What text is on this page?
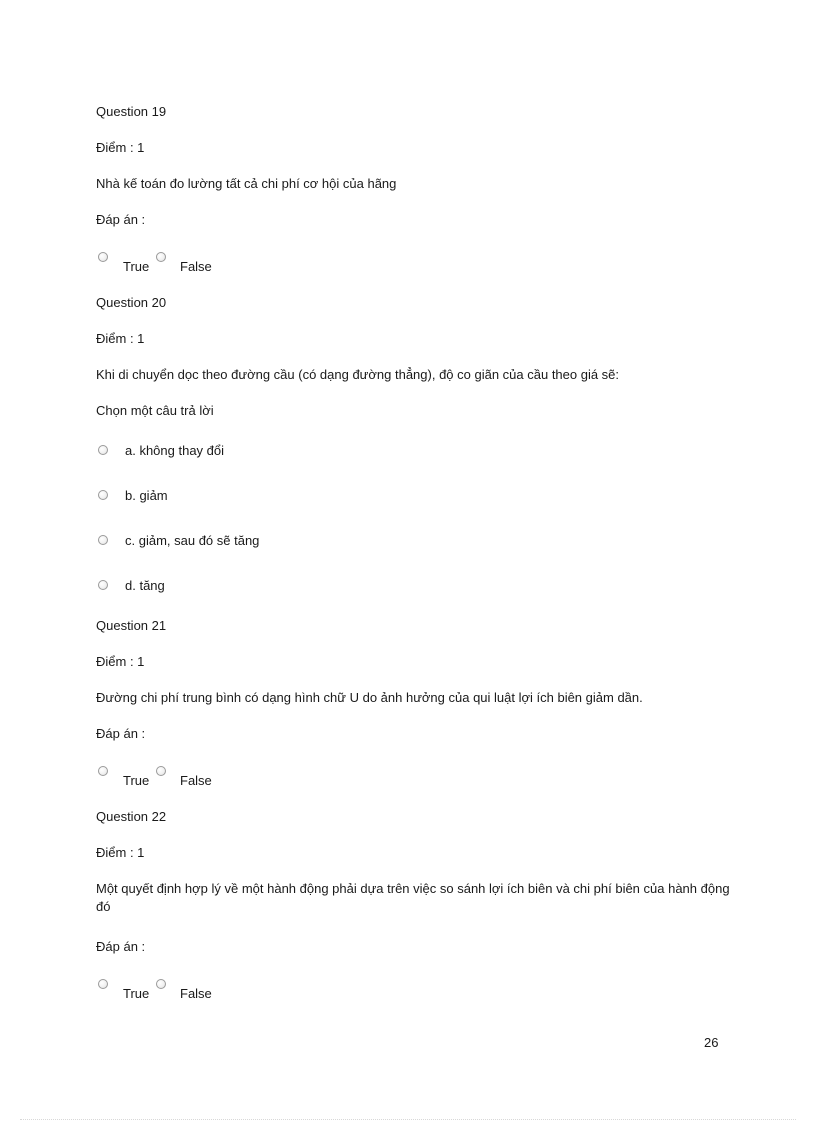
Question 19
Điểm : 1
Nhà kế toán đo lường tất cả chi phí cơ hội của hãng
Đáp án :
True False
Question 20
Điểm : 1
Khi di chuyển dọc theo đường cầu (có dạng đường thẳng), độ co giãn của cầu theo giá sẽ:
Chọn một câu trả lời
a. không thay đổi
b. giảm
c. giảm, sau đó sẽ tăng
d. tăng
Question 21
Điểm : 1
Đường chi phí trung bình có dạng hình chữ U do ảnh hưởng của qui luật lợi ích biên giảm dần.
Đáp án :
True False
Question 22
Điểm : 1
Một quyết định hợp lý về một hành động phải dựa trên việc so sánh lợi ích biên và chi phí biên của hành động đó
Đáp án :
True False
26
